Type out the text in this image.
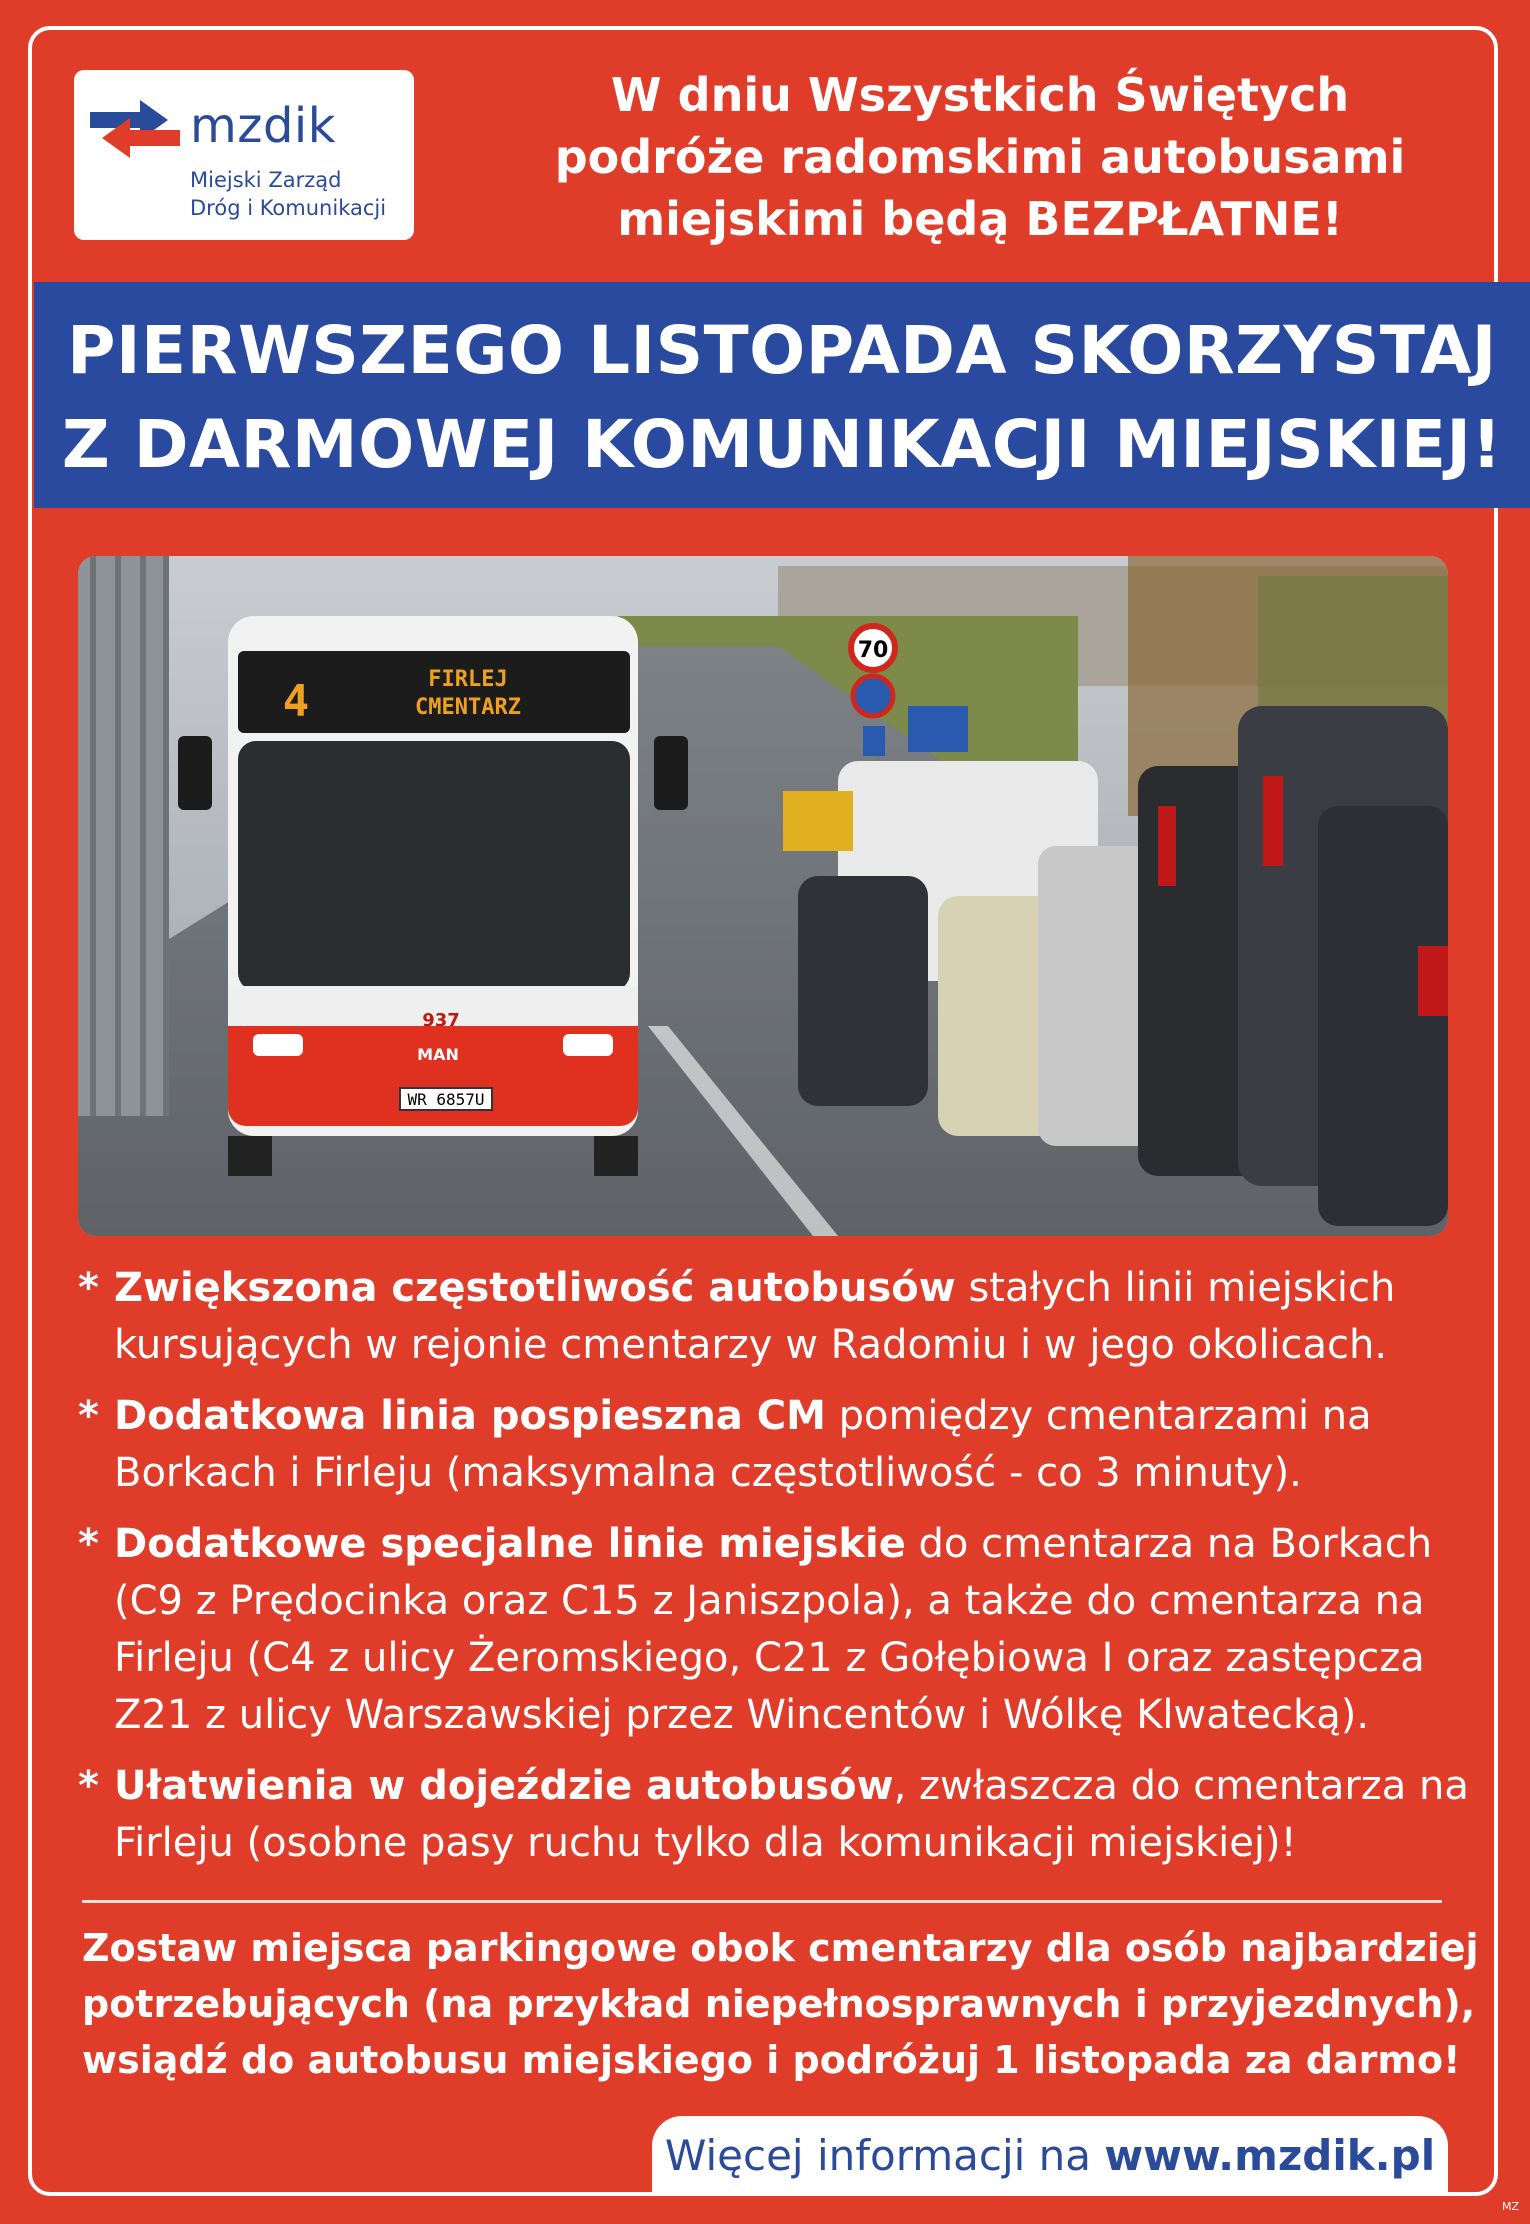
mzdik
Miejski Zarząd
Dróg i Komunikacji
W dniu Wszystkich Świętych
podróże radomskimi autobusami
miejskimi będą BEZPŁATNE!
PIERWSZEGO LISTOPADA SKORZYSTAJ
Z DARMOWEJ KOMUNIKACJI MIEJSKIEJ!
70
WR 6857U
937
MAN
4	FIRLEJ
CMENTARZ
* Zwiększona częstotliwość autobusów stałych linii miejskich kursujących w rejonie cmentarzy w Radomiu i w jego okolicach.
* Dodatkowa linia pospieszna CM pomiędzy cmentarzami na Borkach i Firleju (maksymalna częstotliwość - co 3 minuty).
* Dodatkowe specjalne linie miejskie do cmentarza na Borkach (C9 z Prędocinka oraz C15 z Janiszpola), a także do cmentarza na Firleju (C4 z ulicy Żeromskiego, C21 z Gołębiowa I oraz zastępcza Z21 z ulicy Warszawskiej przez Wincentów i Wólkę Klwatecką).
* Ułatwienia w dojeździe autobusów, zwłaszcza do cmentarza na Firleju (osobne pasy ruchu tylko dla komunikacji miejskiej)!
Zostaw miejsca parkingowe obok cmentarzy dla osób najbardziej
potrzebujących (na przykład niepełnosprawnych i przyjezdnych),
wsiądź do autobusu miejskiego i podróżuj 1 listopada za darmo!
Więcej informacji na www.mzdik.pl
MZ
